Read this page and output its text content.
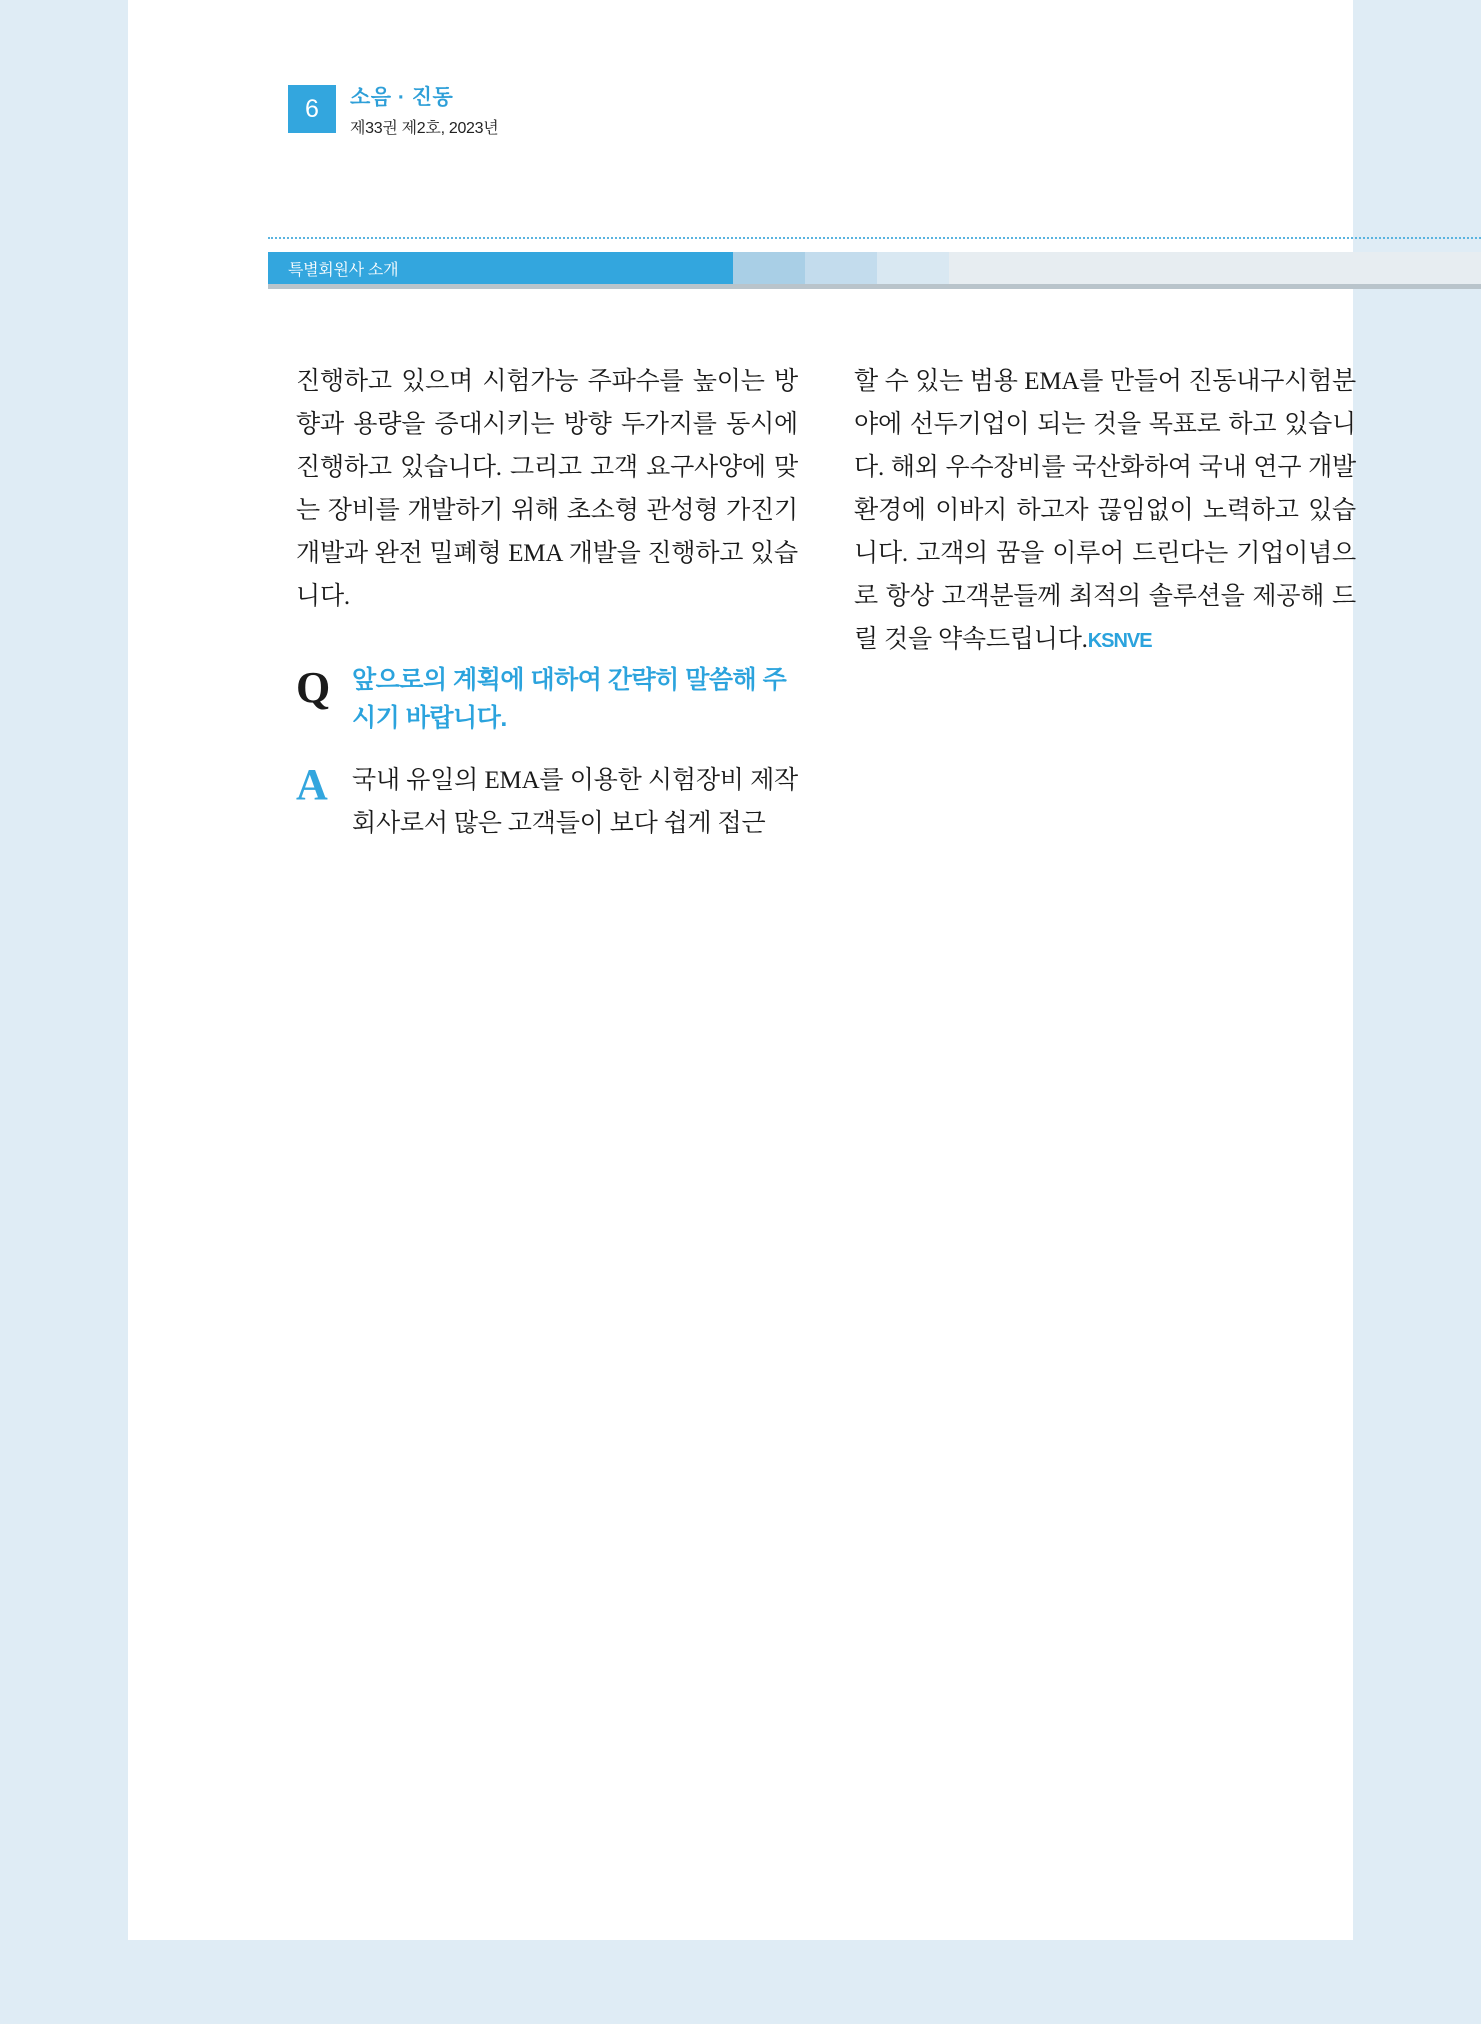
6	소음 · 진동
제33권 제2호, 2023년
특별회원사 소개

진행하고 있으며 시험가능 주파수를 높이는 방향과 용량을 증대시키는 방향 두가지를 동시에 진행하고 있습니다. 그리고 고객 요구사양에 맞는 장비를 개발하기 위해 초소형 관성형 가진기 개발과 완전 밀폐형 EMA 개발을 진행하고 있습니다.

Q 앞으로의 계획에 대하여 간략히 말씀해 주시기 바랍니다.
A 국내 유일의 EMA를 이용한 시험장비 제작회사로서 많은 고객들이 보다 쉽게 접근

할 수 있는 범용 EMA를 만들어 진동내구시험분야에 선두기업이 되는 것을 목표로 하고 있습니다. 해외 우수장비를 국산화하여 국내 연구 개발 환경에 이바지 하고자 끊임없이 노력하고 있습니다. 고객의 꿈을 이루어 드린다는 기업이념으로 항상 고객분들께 최적의 솔루션을 제공해 드릴 것을 약속드립니다.KSNVE
